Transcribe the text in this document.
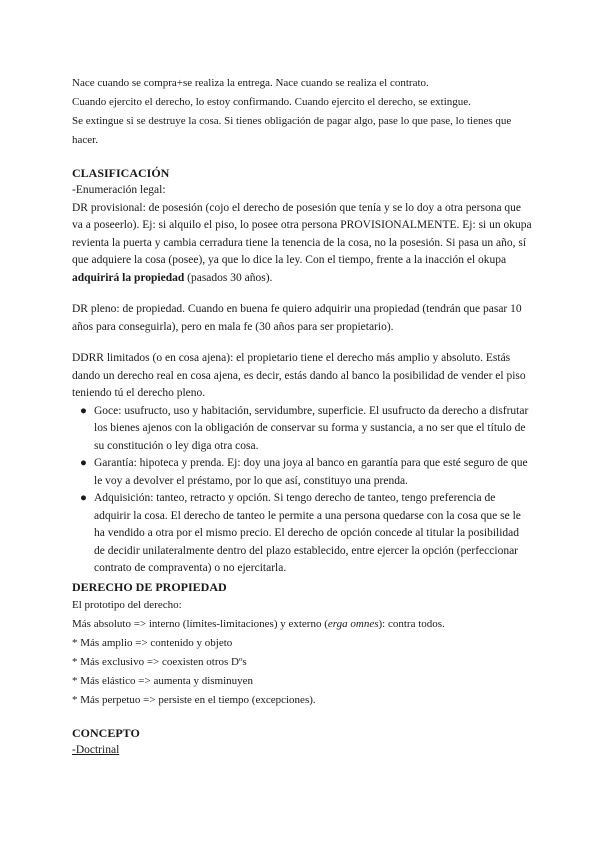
Nace cuando se compra+se realiza la entrega. Nace cuando se realiza el contrato.

Cuando ejercito el derecho, lo estoy confirmando. Cuando ejercito el derecho, se extingue.

Se extingue si se destruye la cosa. Si tienes obligación de pagar algo, pase lo que pase, lo tienes que hacer.

CLASIFICACIÓN

-Enumeración legal:

DR provisional: de posesión (cojo el derecho de posesión que tenía y se lo doy a otra persona que va a poseerlo). Ej: si alquilo el piso, lo posee otra persona PROVISIONALMENTE. Ej: si un okupa revienta la puerta y cambia cerradura tiene la tenencia de la cosa, no la posesión. Si pasa un año, sí que adquiere la cosa (posee), ya que lo dice la ley. Con el tiempo, frente a la inacción el okupa adquirirá la propiedad (pasados 30 años).

DR pleno: de propiedad. Cuando en buena fe quiero adquirir una propiedad (tendrán que pasar 10 años para conseguirla), pero en mala fe (30 años para ser propietario).

DDRR limitados (o en cosa ajena): el propietario tiene el derecho más amplio y absoluto. Estás dando un derecho real en cosa ajena, es decir, estás dando al banco la posibilidad de vender el piso teniendo tú el derecho pleno.

● Goce: usufructo, uso y habitación, servidumbre, superficie. El usufructo da derecho a disfrutar los bienes ajenos con la obligación de conservar su forma y sustancia, a no ser que el título de su constitución o ley diga otra cosa.
● Garantía: hipoteca y prenda. Ej: doy una joya al banco en garantía para que esté seguro de que le voy a devolver el préstamo, por lo que así, constituyo una prenda.
● Adquisición: tanteo, retracto y opción. Si tengo derecho de tanteo, tengo preferencia de adquirir la cosa. El derecho de tanteo le permite a una persona quedarse con la cosa que se le ha vendido a otra por el mismo precio. El derecho de opción concede al titular la posibilidad de decidir unilateralmente dentro del plazo establecido, entre ejercer la opción (perfeccionar contrato de compraventa) o no ejercitarla.
DERECHO DE PROPIEDAD

El prototipo del derecho:

Más absoluto => interno (límites-limitaciones) y externo (erga omnes): contra todos.

* Más amplio => contenido y objeto

* Más exclusivo => coexisten otros Dºs

* Más elástico => aumenta y disminuyen

* Más perpetuo => persiste en el tiempo (excepciones).

CONCEPTO

-Doctrinal
